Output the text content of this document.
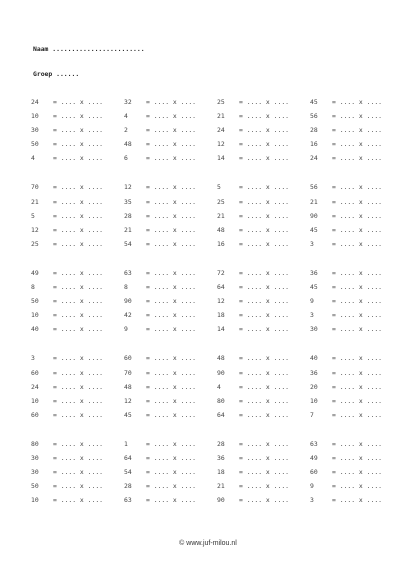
Naam ........................
Groep ......
24 = .... x ....	32 = .... x ....	25 = .... x ....	45 = .... x ....
10 = .... x ....	4	= .... x ....	21 = .... x ....	56 = .... x ....
30 = .... x ....	2	= .... x ....	24 = .... x ....	28 = .... x ....
50 = .... x ....	48 = .... x ....	12 = .... x ....	16 = .... x ....
4	= .... x ....	6	= .... x ....	14 = .... x ....	24 = .... x ....
70 = .... x ....	12 = .... x ....	5	= .... x ....	56 = .... x ....
21 = .... x ....	35 = .... x ....	25 = .... x ....	21 = .... x ....
5	= .... x ....	28 = .... x ....	21 = .... x ....	90 = .... x ....
12 = .... x ....	21 = .... x ....	48 = .... x ....	45 = .... x ....
25 = .... x ....	54 = .... x ....	16 = .... x ....	3	= .... x ....
49 = .... x ....	63 = .... x ....	72 = .... x ....	36 = .... x ....
8	= .... x ....	8	= .... x ....	64 = .... x ....	45 = .... x ....
50 = .... x ....	90 = .... x ....	12 = .... x ....	9	= .... x ....
10 = .... x ....	42 = .... x ....	18 = .... x ....	3	= .... x ....
40 = .... x ....	9	= .... x ....	14 = .... x ....	30 = .... x ....
3	= .... x ....	60 = .... x ....	48 = .... x ....	40 = .... x ....
60 = .... x ....	70 = .... x ....	90 = .... x ....	36 = .... x ....
24 = .... x ....	48 = .... x ....	4	= .... x ....	20 = .... x ....
10 = .... x ....	12 = .... x ....	80 = .... x ....	10 = .... x ....
60 = .... x ....	45 = .... x ....	64 = .... x ....	7	= .... x ....
80 = .... x ....	1	= .... x ....	28 = .... x ....	63 = .... x ....
30 = .... x ....	64 = .... x ....	36 = .... x ....	49 = .... x ....
30 = .... x ....	54 = .... x ....	18 = .... x ....	60 = .... x ....
50 = .... x ....	28 = .... x ....	21 = .... x ....	9	= .... x ....
10 = .... x ....	63 = .... x ....	90 = .... x ....	3	= .... x ....
© www.juf-milou.nl
